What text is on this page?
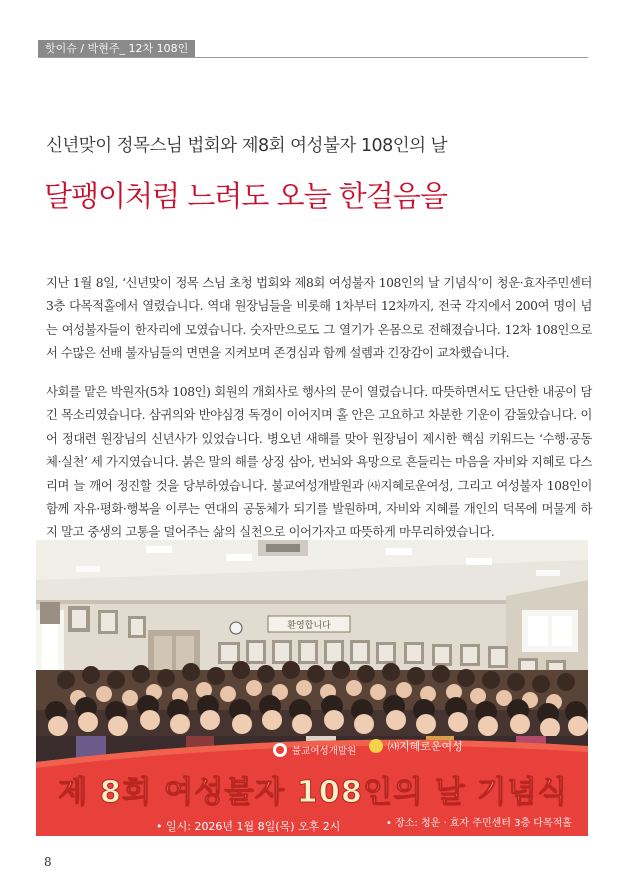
핫이슈 / 박현주_ 12차 108인
신년맞이 정목스님 법회와 제8회 여성불자 108인의 날
달팽이처럼 느려도 오늘 한걸음을
지난 1월 8일, ‘신년맞이 정목 스님 초청 법회와 제8회 여성불자 108인의 날 기념식’이 청운·효자주민센터 3층 다목적홀에서 열렸습니다. 역대 원장님들을 비롯해 1차부터 12차까지, 전국 각지에서 200여 명이 넘는 여성불자들이 한자리에 모였습니다. 숫자만으로도 그 열기가 온몸으로 전해졌습니다. 12차 108인으로서 수많은 선배 불자님들의 면면을 지켜보며 존경심과 함께 설렘과 긴장감이 교차했습니다.
사회를 맡은 박원자(5차 108인) 회원의 개회사로 행사의 문이 열렸습니다. 따뜻하면서도 단단한 내공이 담긴 목소리였습니다. 삼귀의와 반야심경 독경이 이어지며 홀 안은 고요하고 차분한 기운이 감돌았습니다. 이어 정대련 원장님의 신년사가 있었습니다. 병오년 새해를 맞아 원장님이 제시한 핵심 키워드는 ‘수행·공동체·실천’ 세 가지였습니다. 붉은 말의 해를 상징 삼아, 번뇌와 욕망으로 흔들리는 마음을 자비와 지혜로 다스리며 늘 깨어 정진할 것을 당부하였습니다. 불교여성개발원과 ㈔지혜로운여성, 그리고 여성불자 108인이 함께 자유·평화·행복을 이루는 연대의 공동체가 되기를 발원하며, 자비와 지혜를 개인의 덕목에 머물게 하지 말고 중생의 고통을 덜어주는 삶의 실천으로 이어가자고 따뜻하게 마무리하였습니다.
환영합니다
불교여성개발원	㈔지혜로운여성
제 8회 여성불자 108인의 날 기념식
• 일시: 2026년 1월 8일(목) 오후 2시	• 장소: 청운 · 효자 주민센터 3층 다목적홀
8
